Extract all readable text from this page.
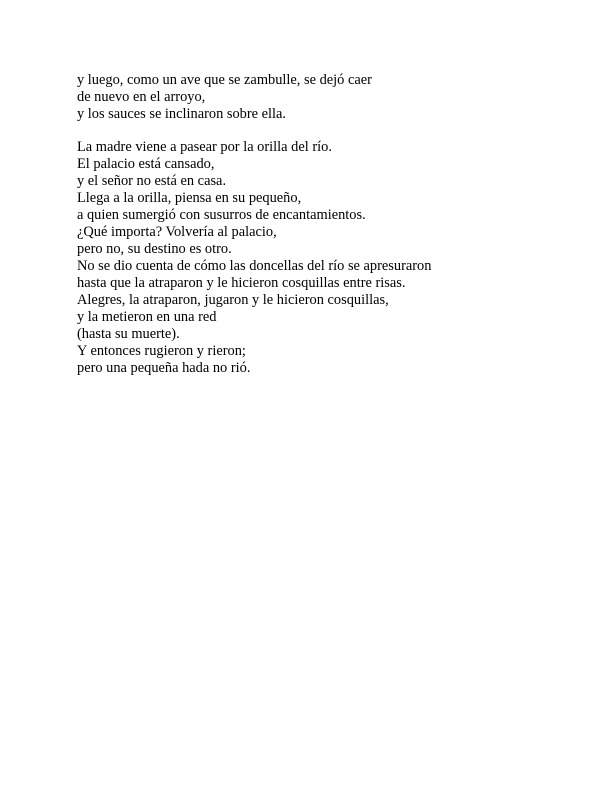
y luego, como un ave que se zambulle, se dejó caer
de nuevo en el arroyo,
y los sauces se inclinaron sobre ella.
La madre viene a pasear por la orilla del río.
El palacio está cansado,
y el señor no está en casa.
Llega a la orilla, piensa en su pequeño,
a quien sumergió con susurros de encantamientos.
¿Qué importa? Volvería al palacio,
pero no, su destino es otro.
No se dio cuenta de cómo las doncellas del río se apresuraron
hasta que la atraparon y le hicieron cosquillas entre risas.
Alegres, la atraparon, jugaron y le hicieron cosquillas,
y la metieron en una red
(hasta su muerte).
Y entonces rugieron y rieron;
pero una pequeña hada no rió.
